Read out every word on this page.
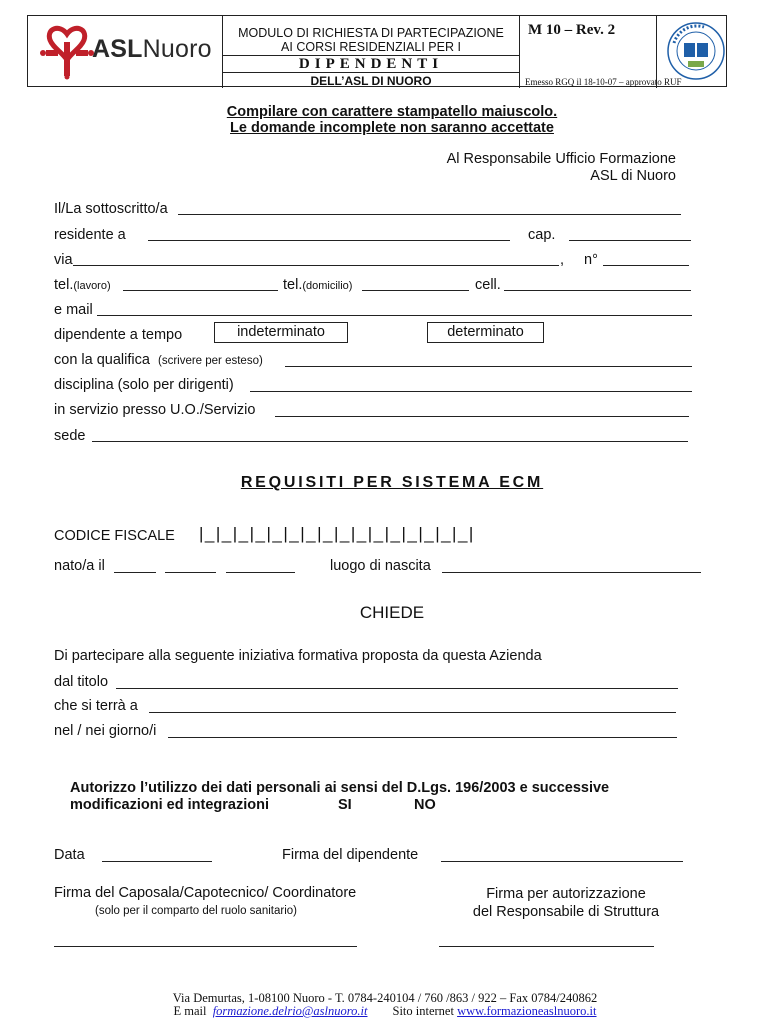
ASLNuoro
MODULO DI RICHIESTA DI PARTECIPAZIONE
AI CORSI RESIDENZIALI PER I
DIPENDENTI
DELL’ASL DI NUORO
M 10 – Rev. 2
Emesso RGQ il 18-10-07 – approvato RUF
Compilare con carattere stampatello maiuscolo.
Le domande incomplete non saranno accettate
Al Responsabile Ufficio Formazione
ASL di Nuoro
Il/La sottoscritto/a
residente a	cap.
via	, n°
tel.(lavoro)	tel.(domicilio)	cell.
e mail
dipendente a tempo	indeterminato	determinato
con la qualifica (scrivere per esteso)
disciplina (solo per dirigenti)
in servizio presso U.O./Servizio
sede
REQUISITI PER SISTEMA ECM
CODICE FISCALE |_|_|_|_|_|_|_|_|_|_|_|_|_|_|_|_|
nato/a il	luogo di nascita
CHIEDE
Di partecipare alla seguente iniziativa formativa proposta da questa Azienda
dal titolo
che si terrà a
nel / nei giorno/i
Autorizzo l’utilizzo dei dati personali ai sensi del D.Lgs. 196/2003 e successive
modificazioni ed integrazioni	SI	NO
Data	Firma del dipendente
Firma del Caposala/Capotecnico/ Coordinatore
(solo per il comparto del ruolo sanitario)
Firma per autorizzazione
del Responsabile di Struttura
Via Demurtas, 1-08100 Nuoro - T. 0784-240104 / 760 /863 / 922 – Fax 0784/240862
E mail formazione.delrio@aslnuoro.it Sito internet www.formazioneaslnuoro.it
